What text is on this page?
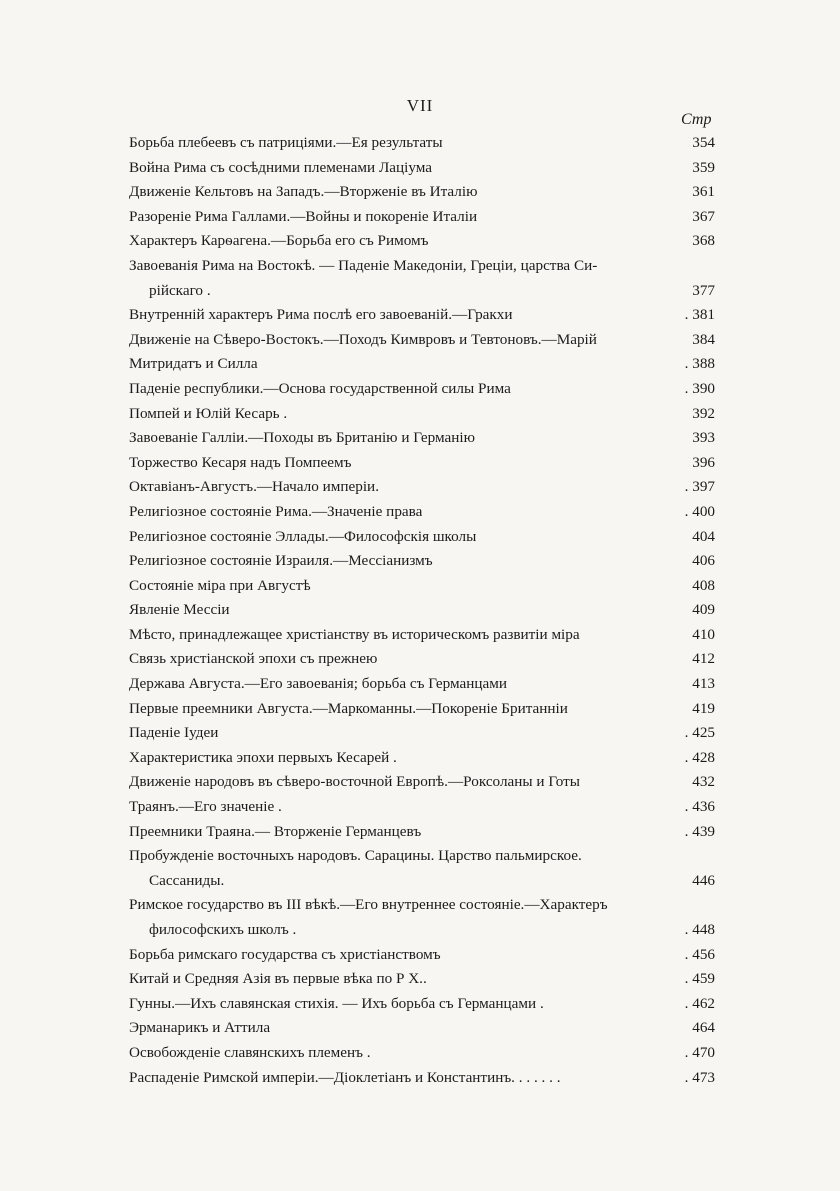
VII
Стр
Борьба плебеевъ съ патриціями.—Ея результаты	354
Война Рима съ сосѣдними племенами Лаціума	359
Движеніе Кельтовъ на Западъ.—Вторженіе въ Италію	361
Разореніе Рима Галлами.—Войны и покореніе Италіи	367
Характеръ Карѳагена.—Борьба его съ Римомъ	368
Завоеванія Рима на Востокѣ. — Паденіе Македоніи, Греціи, царства Си-
рійскаго .	377
Внутренній характеръ Рима послѣ его завоеваній.—Гракхи	. 381
Движеніе на Сѣверо-Востокъ.—Походъ Кимвровъ и Тевтоновъ.—Марій	384
Митридатъ и Силла	. 388
Паденіе республики.—Основа государственной силы Рима	. 390
Помпей и Юлій Кесарь .	392
Завоеваніе Галліи.—Походы въ Британію и Германію	393
Торжество Кесаря надъ Помпеемъ	396
Октавіанъ-Августъ.—Начало имперіи.	. 397
Религіозное состояніе Рима.—Значеніе права	. 400
Религіозное состояніе Эллады.—Философскія школы	404
Религіозное состояніе Израиля.—Мессіанизмъ	406
Состояніе міра при Августѣ	408
Явленіе Мессіи	409
Мѣсто, принадлежащее христіанству въ историческомъ развитіи міра	410
Связь христіанской эпохи съ прежнею	412
Держава Августа.—Его завоеванія; борьба съ Германцами	413
Первые преемники Августа.—Маркоманны.—Покореніе Британніи	419
Паденіе Іудеи	. 425
Характеристика эпохи первыхъ Кесарей .	. 428
Движеніе народовъ въ сѣверо-восточной Европѣ.—Роксоланы и Готы	432
Траянъ.—Его значеніе .	. 436
Преемники Траяна.— Вторженіе Германцевъ	. 439
Пробужденіе восточныхъ народовъ. Сарацины. Царство пальмирское.
Сассаниды.	446
Римское государство въ III вѣкѣ.—Его внутреннее состояніе.—Характеръ
философскихъ школъ .	. 448
Борьба римскаго государства съ христіанствомъ	. 456
Китай и Средняя Азія въ первые вѣка по Р Х..	. 459
Гунны.—Ихъ славянская стихія. — Ихъ борьба съ Германцами .	. 462
Эрманарикъ и Аттила	464
Освобожденіе славянскихъ племенъ .	. 470
Распаденіе Римской имперіи.—Діоклетіанъ и Константинъ. . . . . . .	. 473
